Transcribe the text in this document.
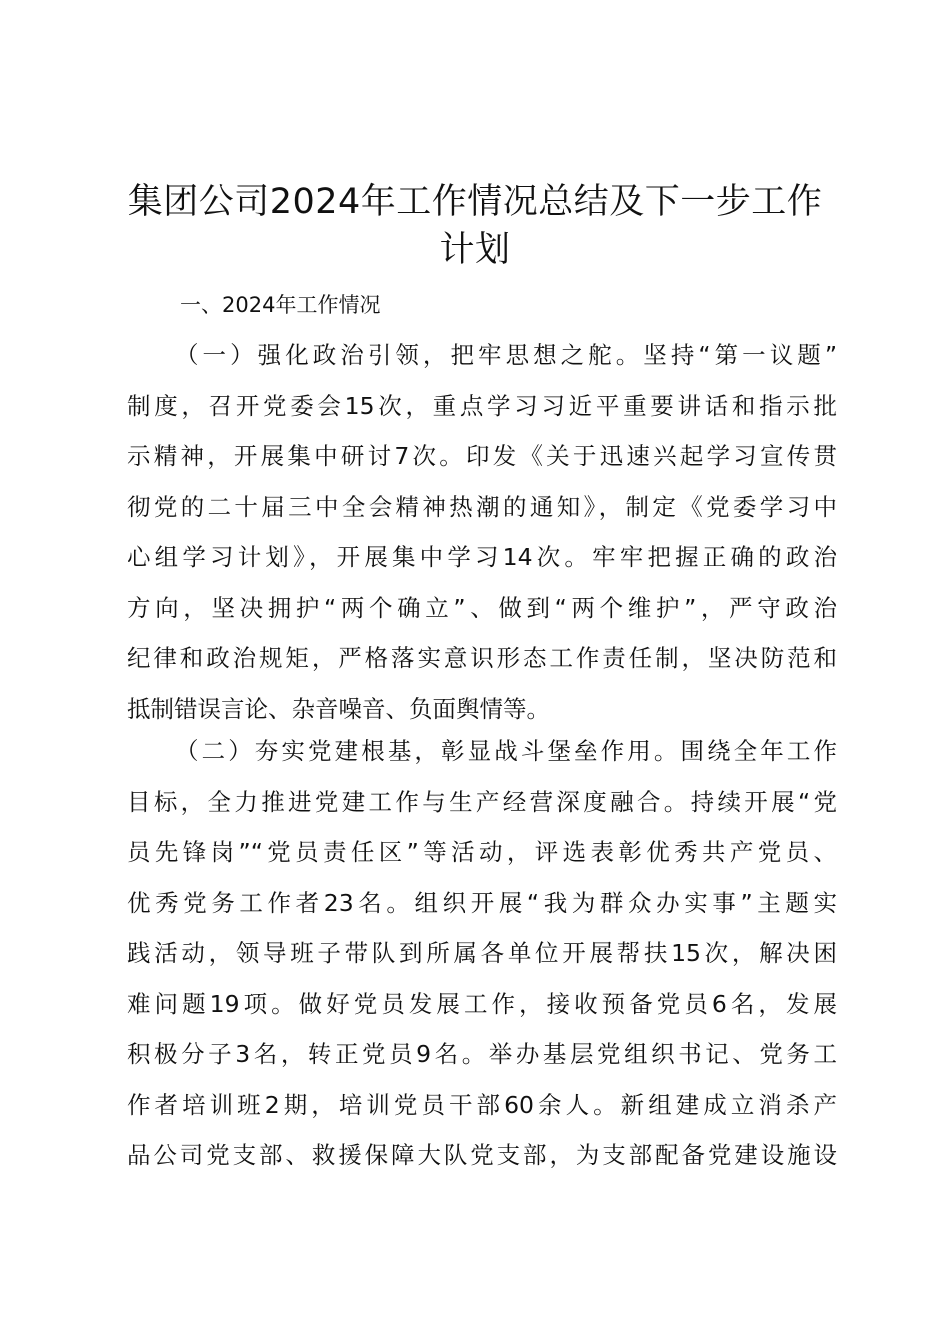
集团公司2024年工作情况总结及下一步工作
计划
一、2024年工作情况
（一）强化政治引领，把牢思想之舵。坚持“第一议题”
制度，召开党委会15次，重点学习习近平重要讲话和指示批
示精神，开展集中研讨7次。印发《关于迅速兴起学习宣传贯
彻党的二十届三中全会精神热潮的通知》，制定《党委学习中
心组学习计划》，开展集中学习14次。牢牢把握正确的政治
方向，坚决拥护“两个确立”、做到“两个维护”，严守政治
纪律和政治规矩，严格落实意识形态工作责任制，坚决防范和
抵制错误言论、杂音噪音、负面舆情等。
（二）夯实党建根基，彰显战斗堡垒作用。围绕全年工作
目标，全力推进党建工作与生产经营深度融合。持续开展“党
员先锋岗”“党员责任区”等活动，评选表彰优秀共产党员、
优秀党务工作者23名。组织开展“我为群众办实事”主题实
践活动，领导班子带队到所属各单位开展帮扶15次，解决困
难问题19项。做好党员发展工作，接收预备党员6名，发展
积极分子3名，转正党员9名。举办基层党组织书记、党务工
作者培训班2期，培训党员干部60余人。新组建成立消杀产
品公司党支部、救援保障大队党支部，为支部配备党建设施设
